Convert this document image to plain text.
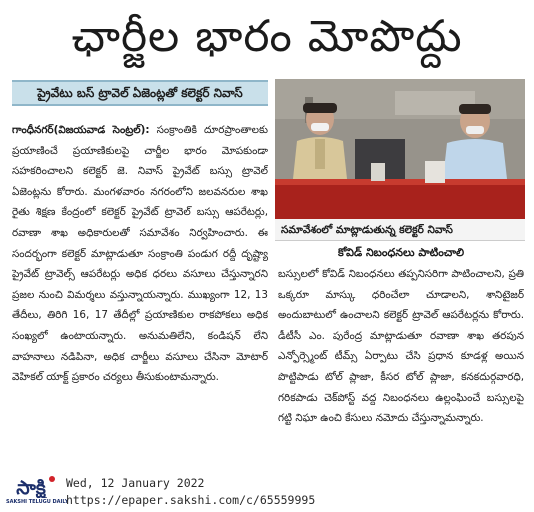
ఛార్జీల భారం మోపొద్దు
ప్రైవేటు బస్ ట్రావెల్ ఏజెంట్లతో కలెక్టర్ నివాస్

గాంధీనగర్(విజయవాడ సెంట్రల్): సంక్రాంతికి దూరప్రాంతాలకు ప్రయాణించే ప్రయాణికులపై చార్జీల భారం మోపకుండా సహకరించాలని కలెక్టర్ జె. నివాస్ ప్రైవేట్ బస్సు ట్రావెల్ ఏజెంట్లను కోరారు. మంగళవారం నగరంలోని జలవనరుల శాఖ రైతు శిక్షణ కేంద్రంలో కలెక్టర్ ప్రైవేట్ ట్రావెల్ బస్సు ఆపరేటర్లు, రవాణా శాఖ అధికారులతో సమావేశం నిర్వహించారు. ఈ సందర్భంగా కలెక్టర్ మాట్లాడుతూ సంక్రాంతి పండుగ రద్దీ దృష్ట్యా ప్రైవేట్ ట్రావెల్స్ ఆపరేటర్లు అధిక ధరలు వసూలు చేస్తున్నారని ప్రజల నుంచి విమర్శలు వస్తున్నాయన్నారు. ముఖ్యంగా 12, 13 తేదీలు, తిరిగి 16, 17 తేదీల్లో ప్రయాణికుల రాకపోకలు అధిక సంఖ్యలో ఉంటాయన్నారు. అనుమతిలేని, కండిషన్ లేని వాహనాలు నడిపినా, అధిక చార్జీలు వసూలు చేసినా మోటార్ వెహికల్ యాక్ట్ ప్రకారం చర్యలు తీసుకుంటామన్నారు.

సమావేశంలో మాట్లాడుతున్న కలెక్టర్ నివాస్
కోవిడ్ నిబంధనలు పాటించాలి

బస్సులలో కోవిడ్ నిబంధనలు తప్పనిసరిగా పాటించాలని, ప్రతి ఒక్కరూ మాస్కు ధరించేలా చూడాలని, శానిటైజర్ అందుబాటులో ఉంచాలని కలెక్టర్ ట్రావెల్ ఆపరేటర్లను కోరారు. డీటీసీ ఎం. పురేంద్ర మాట్లాడుతూ రవాణా శాఖ తరపున ఎన్ఫోర్స్మెంట్ టీమ్స్ ఏర్పాటు చేసి ప్రధాన కూడళ్ల అయిన పొట్టిపాడు టోల్ ప్లాజా, కీసర టోల్ ప్లాజా, కనకదుర్గవారధి, గరికపాడు చెక్‌పోస్ట్ వద్ద నిబంధనలు ఉల్లంఘించే బస్సులపై గట్టి నిఘా ఉంచి కేసులు నమోదు చేస్తున్నామన్నారు.

సాక్షి
SAKSHI TELUGU DAILY
Wed, 12 January 2022
https://epaper.sakshi.com/c/65559995
